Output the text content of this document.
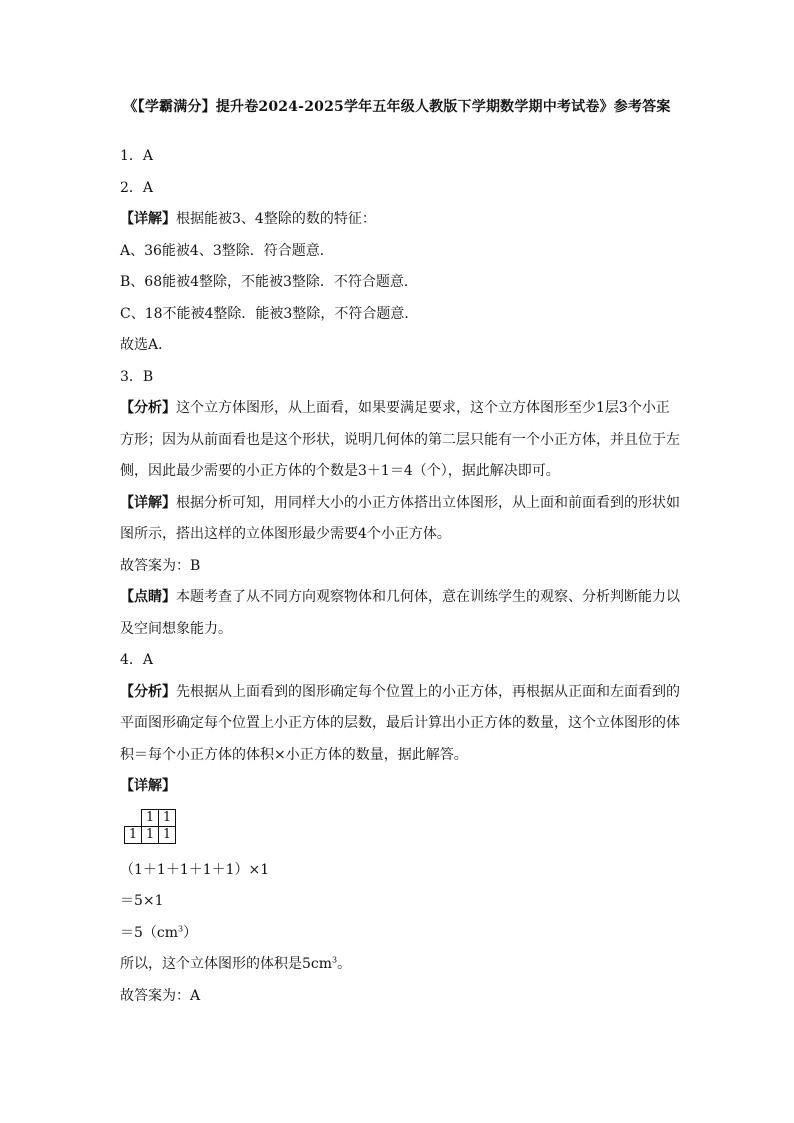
《【学霸满分】提升卷2024-2025学年五年级人教版下学期数学期中考试卷》参考答案
1．A
2．A
【详解】根据能被3、4整除的数的特征：
A、36能被4、3整除．符合题意．
B、68能被4整除，不能被3整除．不符合题意．
C、18不能被4整除．能被3整除，不符合题意．
故选A．
3．B
【分析】这个立方体图形，从上面看，如果要满足要求，这个立方体图形至少1层3个小正
方形；因为从前面看也是这个形状，说明几何体的第二层只能有一个小正方体，并且位于左
侧，因此最少需要的小正方体的个数是3＋1＝4（个），据此解决即可。
【详解】根据分析可知，用同样大小的小正方体搭出立体图形，从上面和前面看到的形状如
图所示，搭出这样的立体图形最少需要4个小正方体。
故答案为：B
【点睛】本题考查了从不同方向观察物体和几何体，意在训练学生的观察、分析判断能力以
及空间想象能力。
4．A
【分析】先根据从上面看到的图形确定每个位置上的小正方体，再根据从正面和左面看到的
平面图形确定每个位置上小正方体的层数，最后计算出小正方体的数量，这个立体图形的体
积＝每个小正方体的体积×小正方体的数量，据此解答。
【详解】
1 1
1 1 1
（1＋1＋1＋1＋1）×1
＝5×1
$=5(cm^3)$
所以，这个立体图形的体积是$5cm^3$。
故答案为：A
